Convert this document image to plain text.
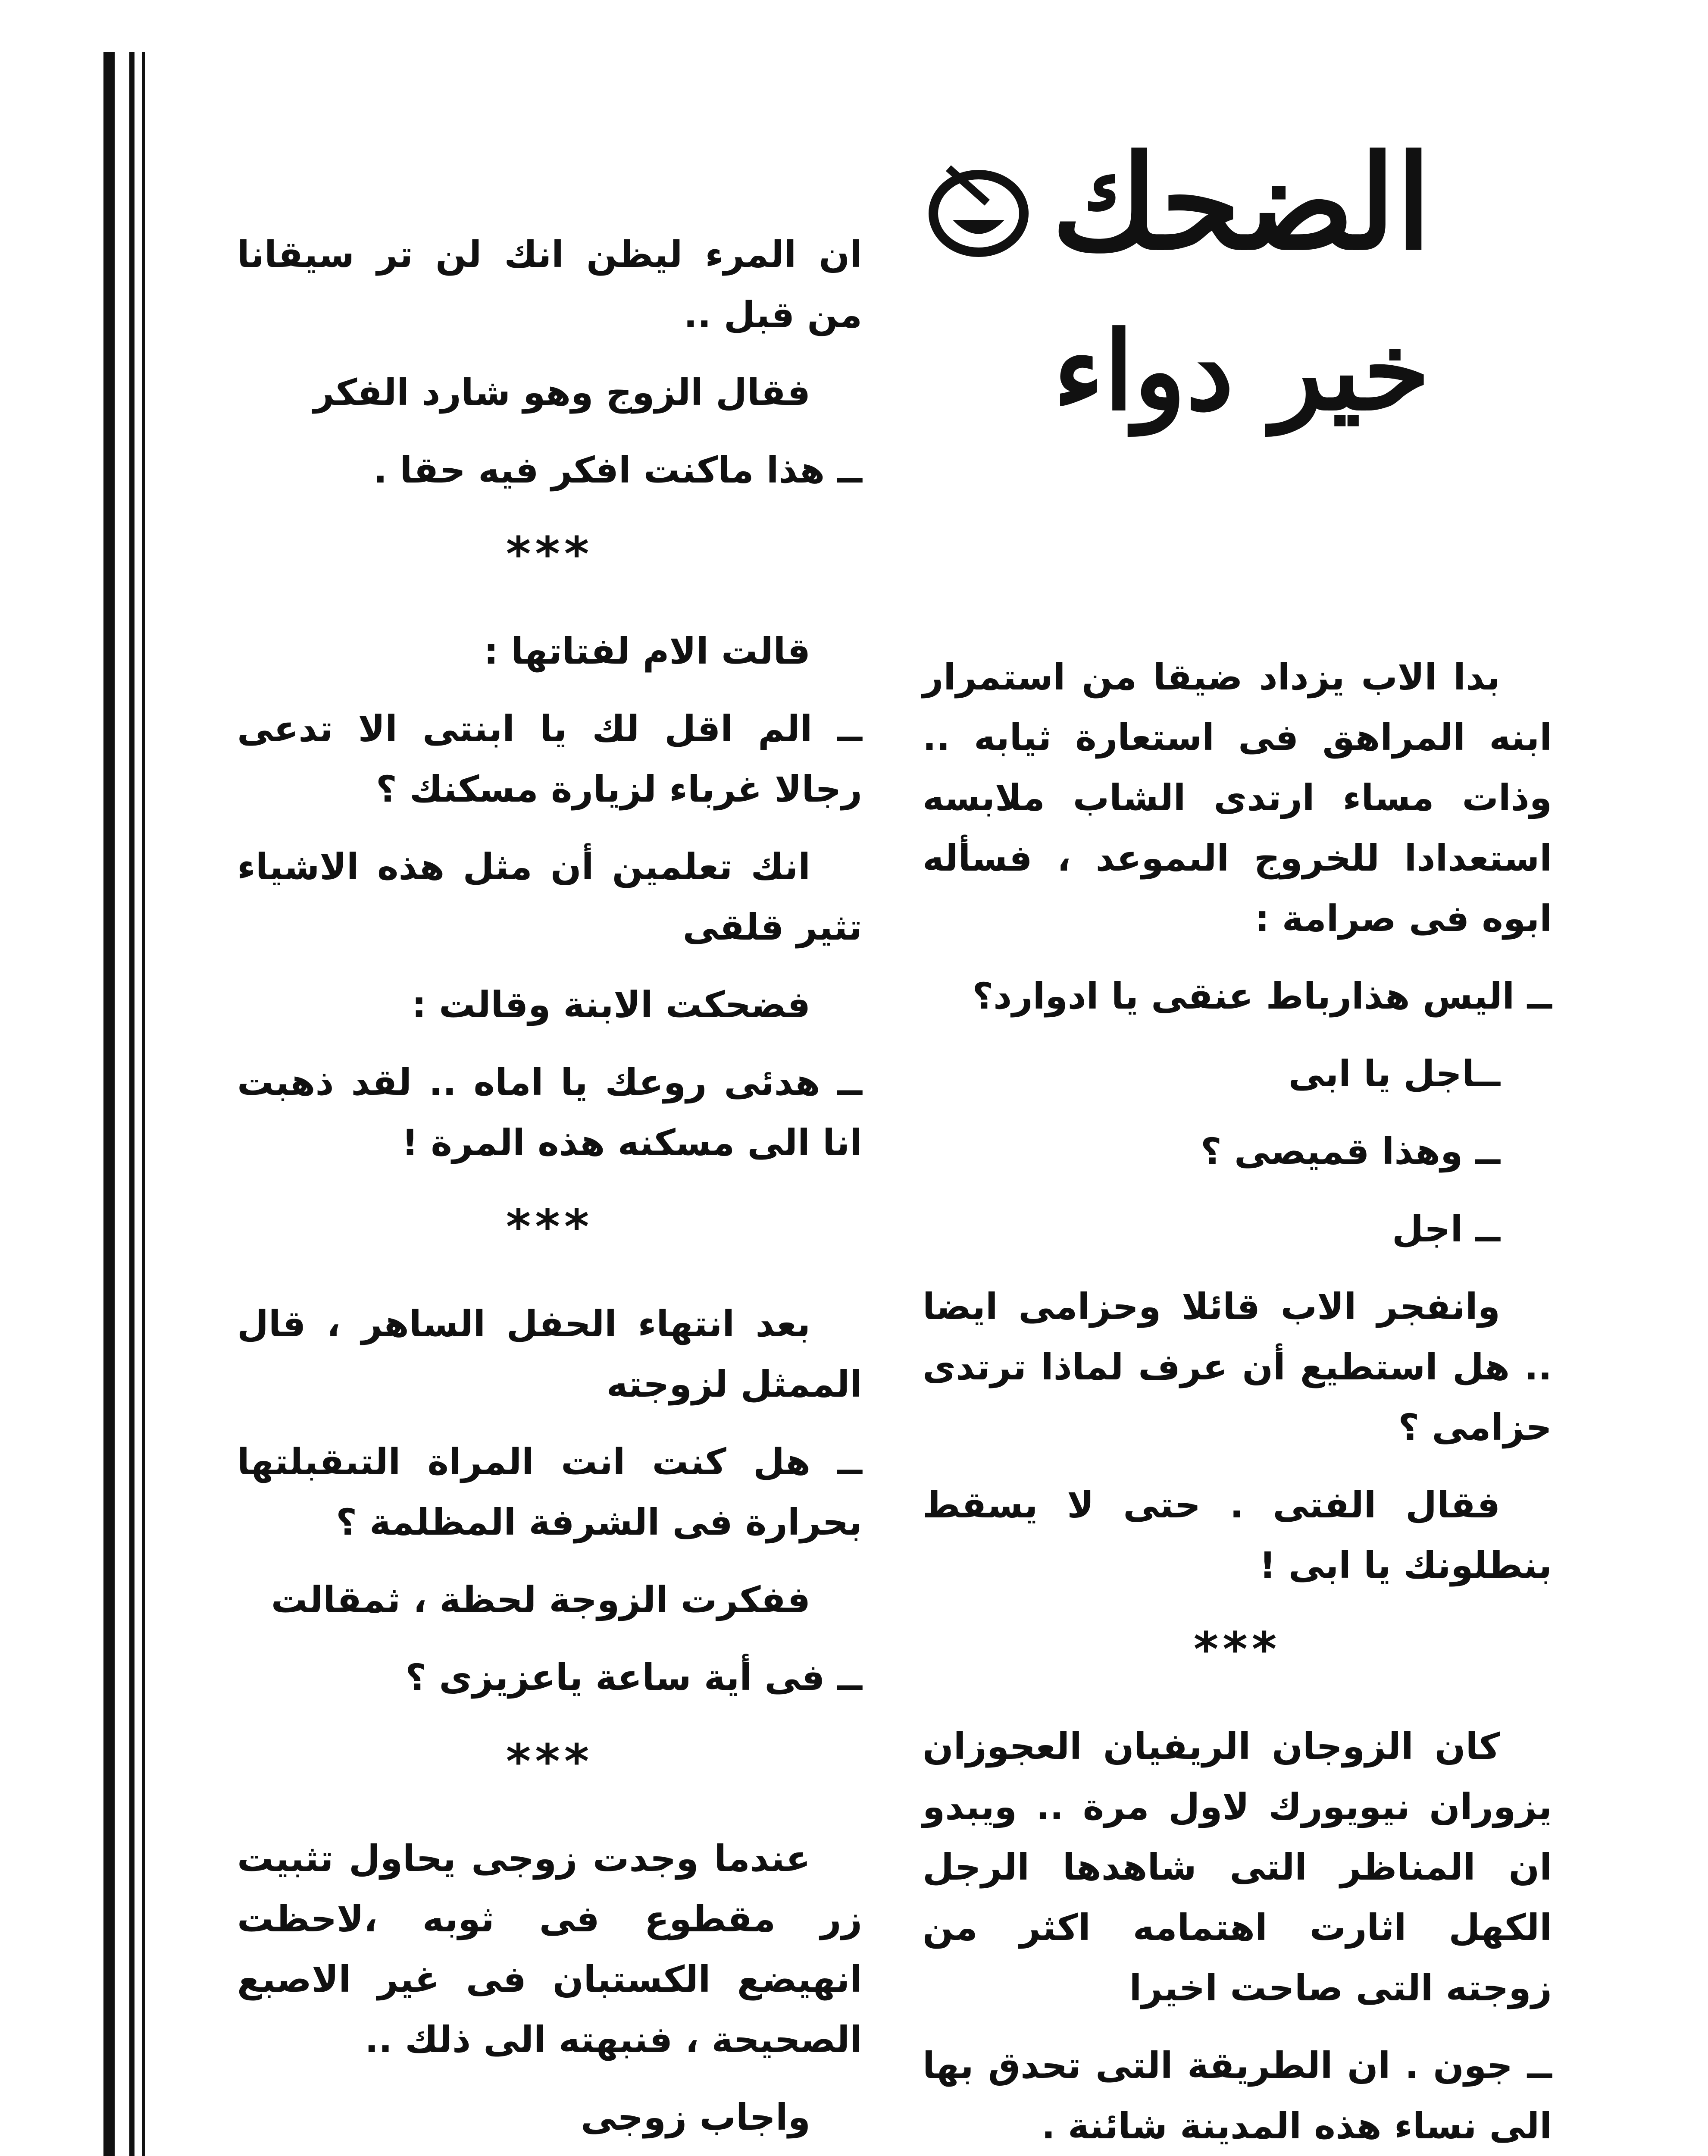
الضحك
خير دواء

بدا الاب يزداد ضيقا من استمرار ابنه المراهق فى استعارة ثيابه .. وذات مساء ارتدى الشاب ملابسه استعدادا للخروج الىموعد ، فسأله ابوه فى صرامة :

ــ اليس هذارباط عنقى يا ادوارد؟

ــاجل يا ابى

ــ وهذا قميصى ؟

ــ اجل

وانفجر الاب قائلا وحزامى ايضا .. هل استطيع أن عرف لماذا ترتدى حزامى ؟

فقال الفتى . حتى لا يسقط بنطلونك يا ابى !

***

كان الزوجان الريفيان العجوزان يزوران نيويورك لاول مرة .. ويبدو ان المناظر التى شاهدها الرجل الكهل اثارت اهتمامه اكثر من زوجته التى صاحت اخيرا

ــ جون . ان الطريقة التى تحدق بها الى نساء هذه المدينة شائنة .

ان المرء ليظن انك لن تر سيقانا من قبل ..

فقال الزوج وهو شارد الفكر

ــ هذا ماكنت افكر فيه حقا .

***

قالت الام لفتاتها :

ــ الم اقل لك يا ابنتى الا تدعى رجالا غرباء لزيارة مسكنك ؟

انك تعلمين أن مثل هذه الاشياء تثير قلقى

فضحكت الابنة وقالت :

ــ هدئى روعك يا اماه .. لقد ذهبت انا الى مسكنه هذه المرة !

***

بعد انتهاء الحفل الساهر ، قال الممثل لزوجته

ــ هل كنت انت المراة التىقبلتها بحرارة فى الشرفة المظلمة ؟

ففكرت الزوجة لحظة ، ثمقالت

ــ فى أية ساعة ياعزيزى ؟

***

عندما وجدت زوجى يحاول تثبيت زر مقطوع فى ثوبه ،لاحظت انهيضع الكستبان فى غير الاصبع الصحيحة ، فنبهته الى ذلك ..

واجاب زوجى
